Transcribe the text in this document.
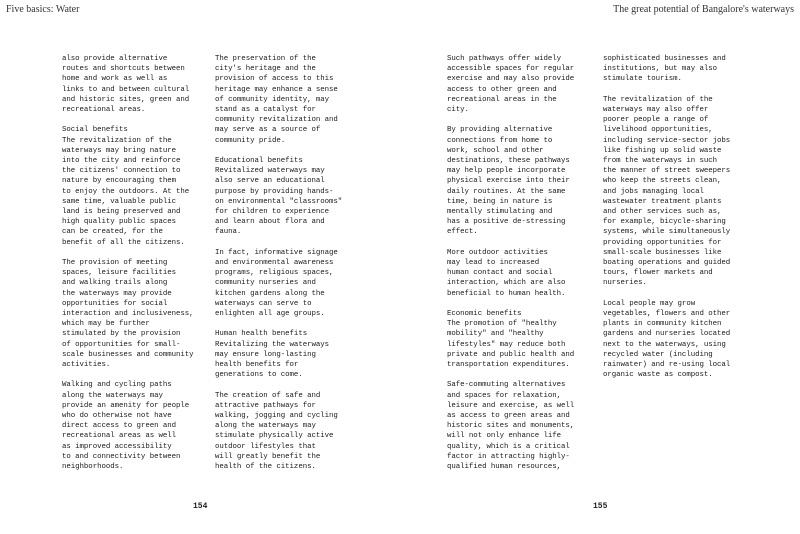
Five basics: Water	The great potential of Bangalore's waterways

also provide alternative
routes and shortcuts between
home and work as well as
links to and between cultural
and historic sites, green and
recreational areas.

Social benefits
The revitalization of the
waterways may bring nature
into the city and reinforce
the citizens' connection to
nature by encouraging them
to enjoy the outdoors. At the
same time, valuable public
land is being preserved and
high quality public spaces
can be created, for the
benefit of all the citizens.

The provision of meeting
spaces, leisure facilities
and walking trails along
the waterways may provide
opportunities for social
interaction and inclusiveness,
which may be further
stimulated by the provision
of opportunities for small-
scale businesses and community
activities.

Walking and cycling paths
along the waterways may
provide an amenity for people
who do otherwise not have
direct access to green and
recreational areas as well
as improved accessibility
to and connectivity between
neighborhoods.

The preservation of the
city's heritage and the
provision of access to this
heritage may enhance a sense
of community identity, may
stand as a catalyst for
community revitalization and
may serve as a source of
community pride.

Educational benefits
Revitalized waterways may
also serve an educational
purpose by providing hands-
on environmental "classrooms"
for children to experience
and learn about flora and
fauna.

In fact, informative signage
and environmental awareness
programs, religious spaces,
community nurseries and
kitchen gardens along the
waterways can serve to
enlighten all age groups.

Human health benefits
Revitalizing the waterways
may ensure long-lasting
health benefits for
generations to come.

The creation of safe and
attractive pathways for
walking, jogging and cycling
along the waterways may
stimulate physically active
outdoor lifestyles that
will greatly benefit the
health of the citizens.

Such pathways offer widely
accessible spaces for regular
exercise and may also provide
access to other green and
recreational areas in the
city.

By providing alternative
connections from home to
work, school and other
destinations, these pathways
may help people incorporate
physical exercise into their
daily routines. At the same
time, being in nature is
mentally stimulating and
has a positive de-stressing
effect.

More outdoor activities
may lead to increased
human contact and social
interaction, which are also
beneficial to human health.

Economic benefits
The promotion of "healthy
mobility" and "healthy
lifestyles" may reduce both
private and public health and
transportation expenditures.

Safe-commuting alternatives
and spaces for relaxation,
leisure and exercise, as well
as access to green areas and
historic sites and monuments,
will not only enhance life
quality, which is a critical
factor in attracting highly-
qualified human resources,

sophisticated businesses and
institutions, but may also
stimulate tourism.

The revitalization of the
waterways may also offer
poorer people a range of
livelihood opportunities,
including service-sector jobs
like fishing up solid waste
from the waterways in such
the manner of street sweepers
who keep the streets clean,
and jobs managing local
wastewater treatment plants
and other services such as,
for example, bicycle-sharing
systems, while simultaneously
providing opportunities for
small-scale businesses like
boating operations and guided
tours, flower markets and
nurseries.

Local people may grow
vegetables, flowers and other
plants in community kitchen
gardens and nurseries located
next to the waterways, using
recycled water (including
rainwater) and re-using local
organic waste as compost.

154	155
